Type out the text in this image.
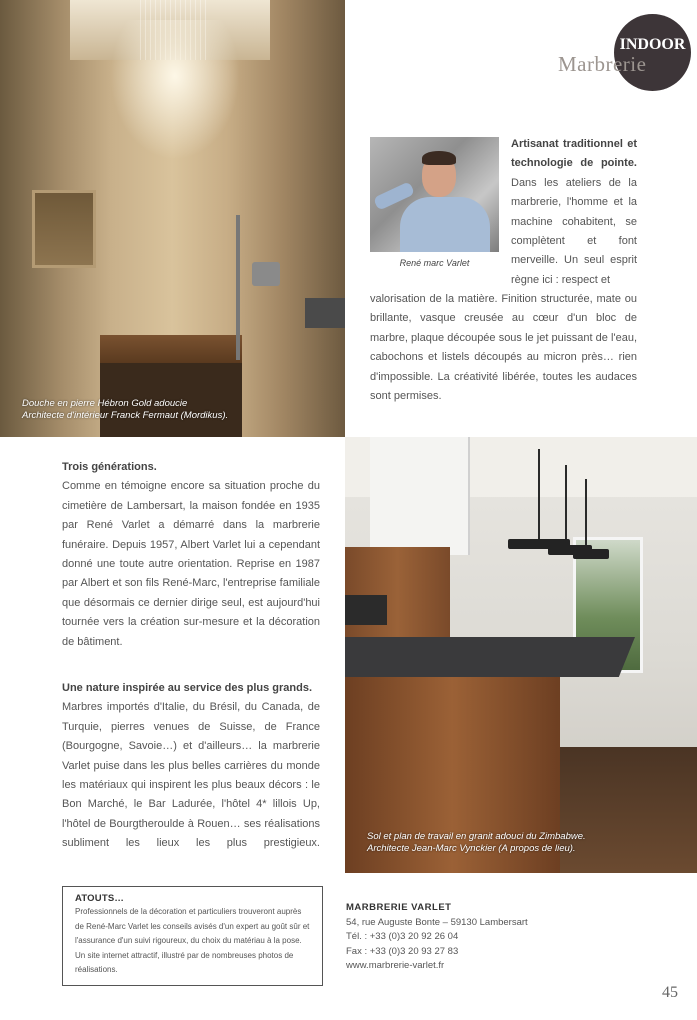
Douche en pierre Hébron Gold adoucie
Architecte d'intérieur Franck Fermaut (Mordikus).
INDOOR
Marbrerie
René marc Varlet
Artisanat traditionnel et technologie de pointe. Dans les ateliers de la marbrerie, l'homme et la machine cohabitent, se complètent et font merveille. Un seul esprit règne ici : respect et
valorisation de la matière. Finition structurée, mate ou brillante, vasque creusée au cœur d'un bloc de marbre, plaque découpée sous le jet puissant de l'eau, cabochons et listels découpés au micron près… rien d'impossible. La créativité libérée, toutes les audaces sont permises.
Trois générations.
Comme en témoigne encore sa situation proche du cimetière de Lambersart, la maison fondée en 1935 par René Varlet a démarré dans la marbrerie funéraire. Depuis 1957, Albert Varlet lui a cependant donné une toute autre orientation. Reprise en 1987 par Albert et son fils René-Marc, l'entreprise familiale que désormais ce dernier dirige seul, est aujourd'hui tournée vers la création sur-mesure et la décoration de bâtiment.
Une nature inspirée au service des plus grands.
Marbres importés d'Italie, du Brésil, du Canada, de Turquie, pierres venues de Suisse, de France (Bourgogne, Savoie…) et d'ailleurs… la marbrerie Varlet puise dans les plus belles carrières du monde les matériaux qui inspirent les plus beaux décors : le Bon Marché, le Bar Ladurée, l'hôtel 4* lillois Up, l'hôtel de Bourgtheroulde à Rouen… ses réalisations subliment les lieux les plus prestigieux.
Sol et plan de travail en granit adouci du Zimbabwe.
Architecte Jean-Marc Vynckier (A propos de lieu).
ATOUTS…
Professionnels de la décoration et particuliers trouveront auprès de René-Marc Varlet les conseils avisés d'un expert au goût sûr et l'assurance d'un suivi rigoureux, du choix du matériau à la pose. Un site internet attractif, illustré par de nombreuses photos de réalisations.
MARBRERIE VARLET
54, rue Auguste Bonte – 59130 Lambersart
Tél. : +33 (0)3 20 92 26 04
Fax : +33 (0)3 20 93 27 83
www.marbrerie-varlet.fr
45
